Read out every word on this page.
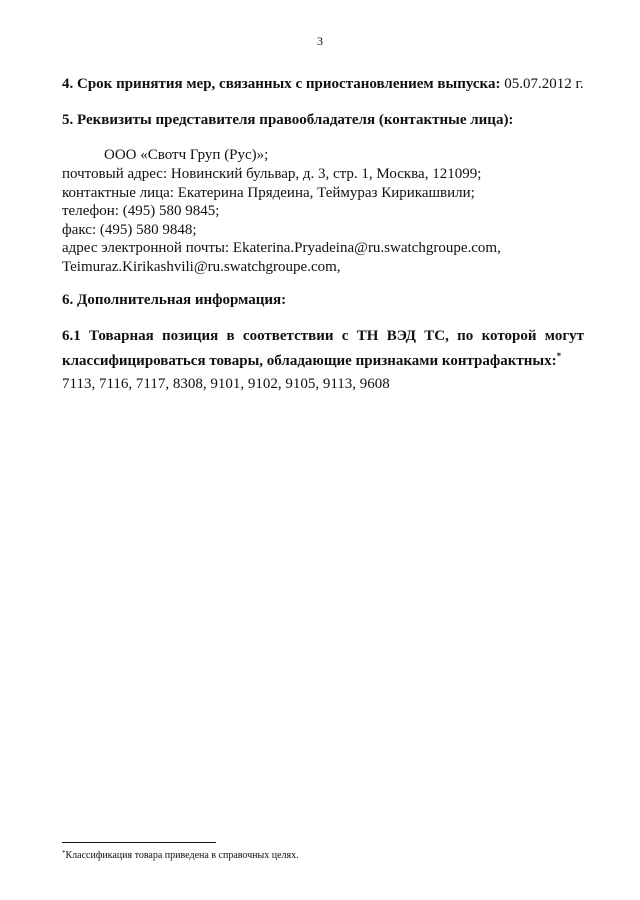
3
4. Срок принятия мер, связанных с приостановлением выпуска: 05.07.2012 г.
5. Реквизиты представителя правообладателя (контактные лица):
ООО «Свотч Груп (Рус)»;
почтовый адрес: Новинский бульвар, д. 3, стр. 1, Москва, 121099;
контактные лица: Екатерина Прядеина, Теймураз Кирикашвили;
телефон: (495) 580 9845;
факс: (495) 580 9848;
адрес электронной почты: Ekaterina.Pryadeina@ru.swatchgroupe.com,
Teimuraz.Kirikashvili@ru.swatchgroupe.com,
6. Дополнительная информация:
6.1 Товарная позиция в соответствии с ТН ВЭД ТС, по которой могут
классифицироваться товары, обладающие признаками контрафактных:*
7113, 7116, 7117, 8308, 9101, 9102, 9105, 9113, 9608
*Классификация товара приведена в справочных целях.
